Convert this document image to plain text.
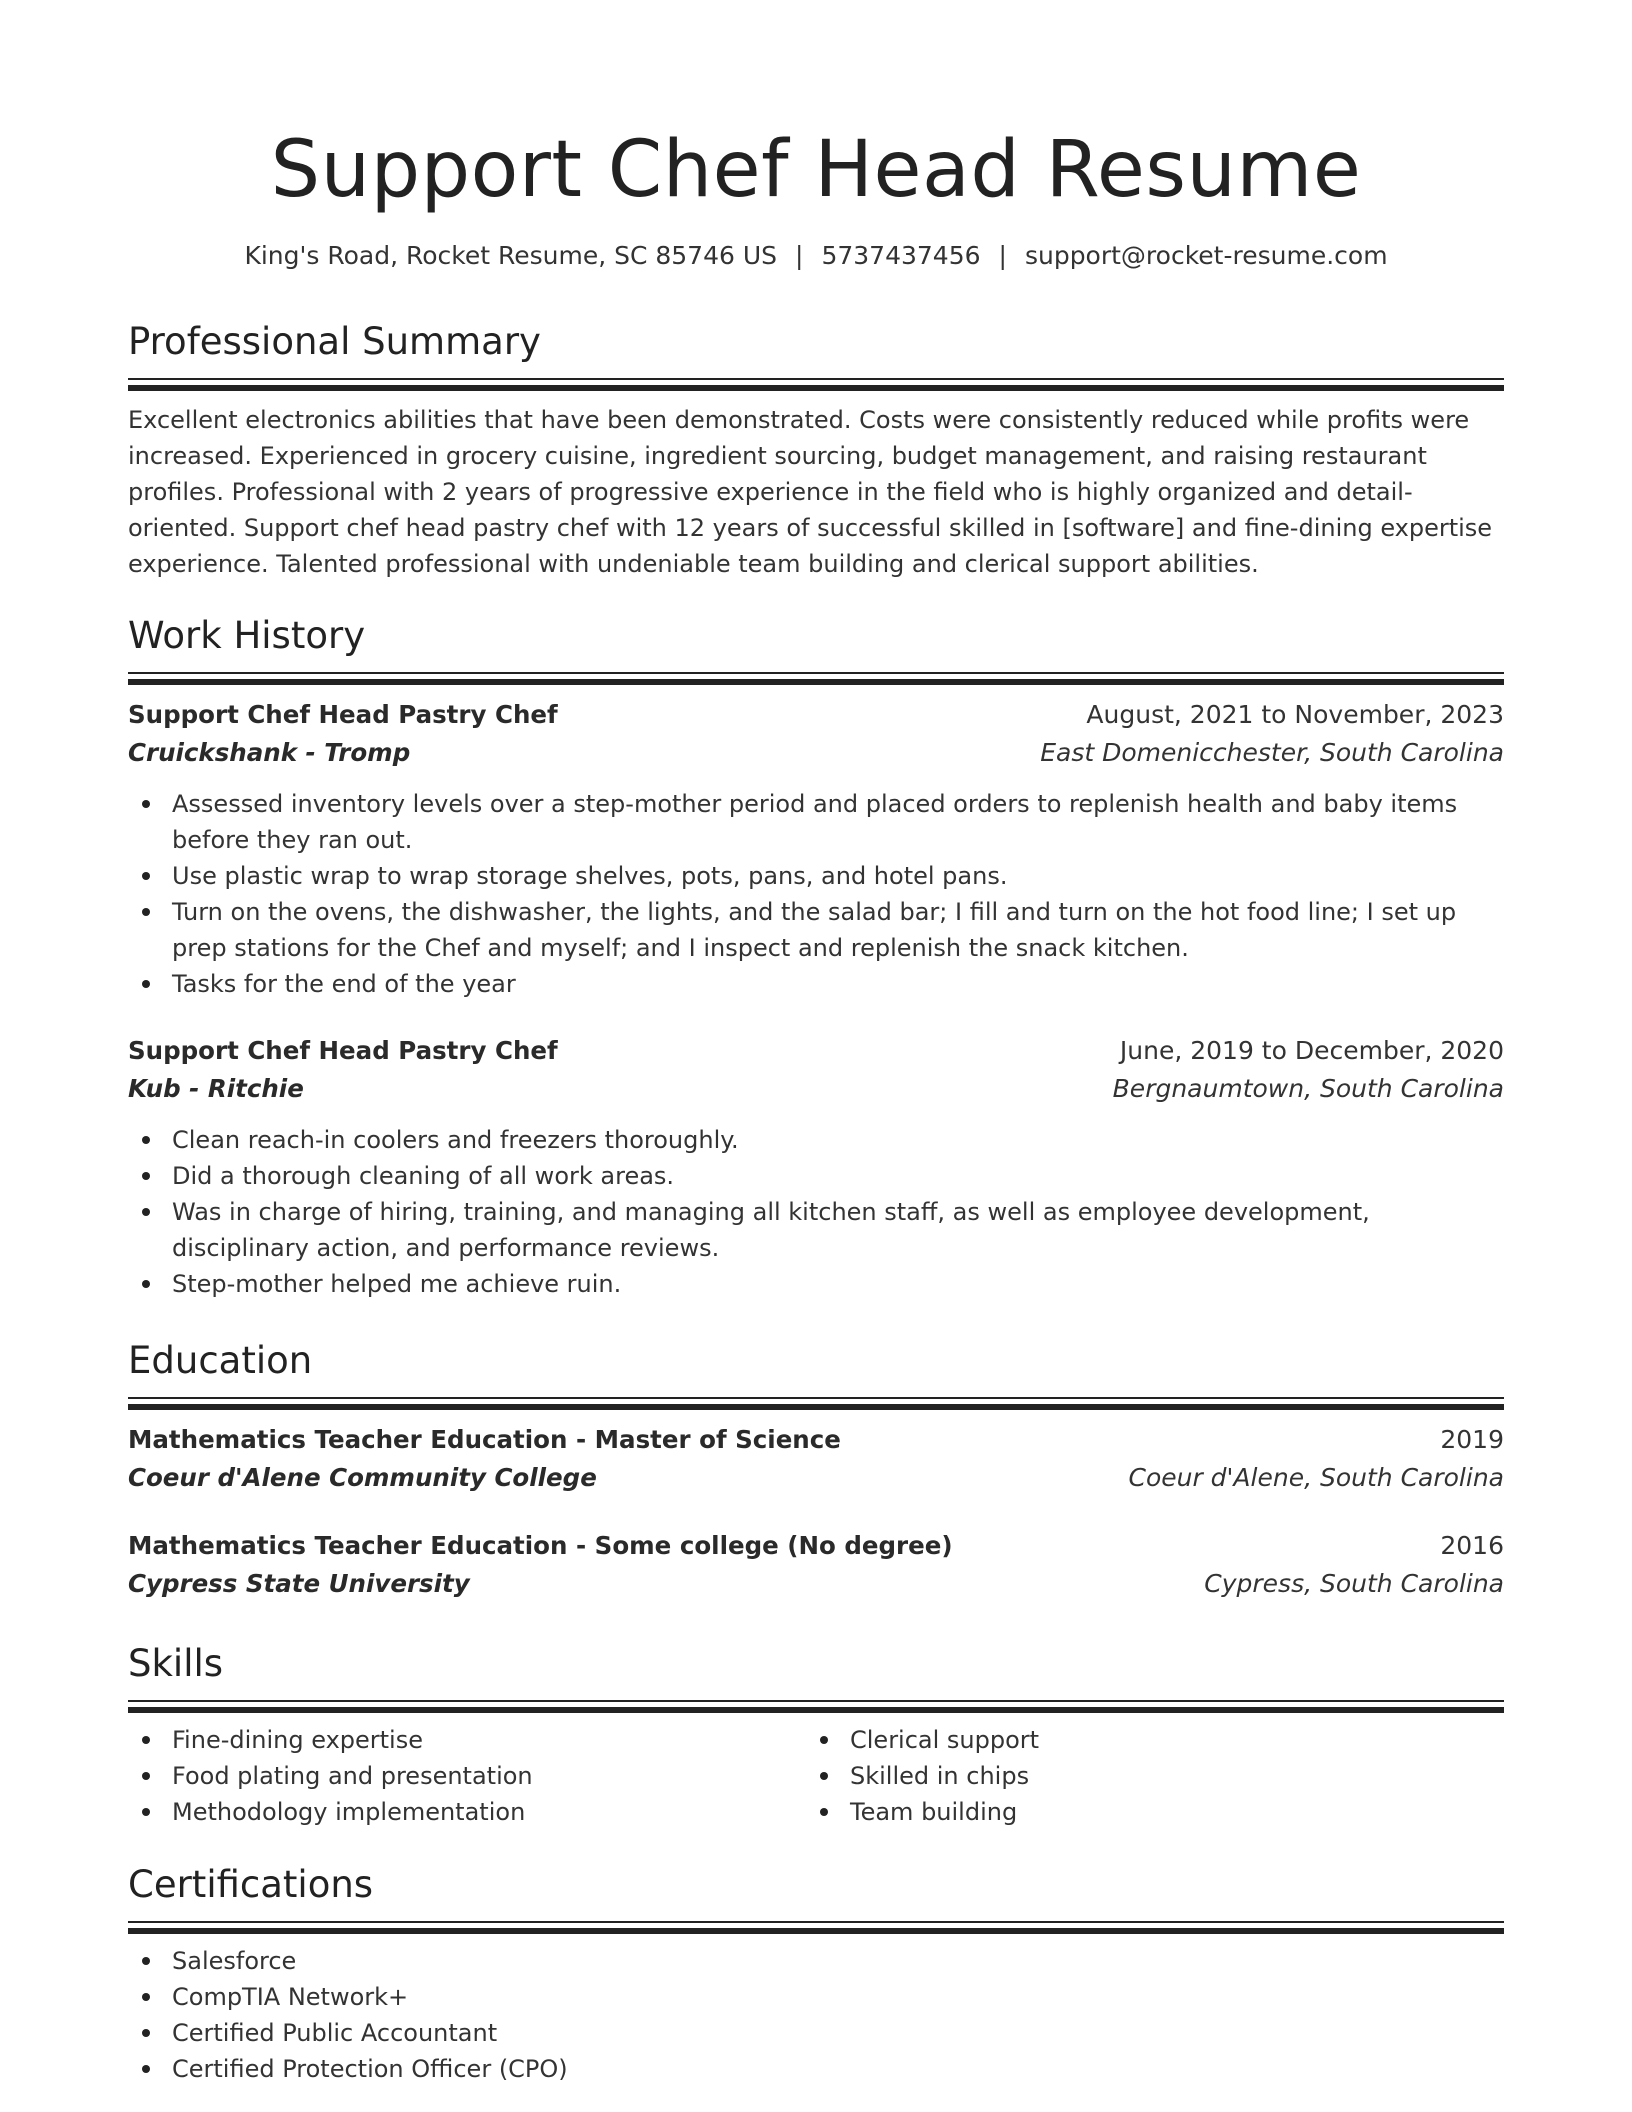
Support Chef Head Resume
King's Road, Rocket Resume, SC 85746 US | 5737437456 | support@rocket-resume.com
Professional Summary

Excellent electronics abilities that have been demonstrated. Costs were consistently reduced while profits were increased. Experienced in grocery cuisine, ingredient sourcing, budget management, and raising restaurant profiles. Professional with 2 years of progressive experience in the field who is highly organized and detail-oriented. Support chef head pastry chef with 12 years of successful skilled in [software] and fine-dining expertise experience. Talented professional with undeniable team building and clerical support abilities.

Work History
Support Chef Head Pastry Chef	August, 2021 to November, 2023
Cruickshank - Tromp	East Domenicchester, South Carolina
Assessed inventory levels over a step-mother period and placed orders to replenish health and baby items before they ran out.
Use plastic wrap to wrap storage shelves, pots, pans, and hotel pans.
Turn on the ovens, the dishwasher, the lights, and the salad bar; I fill and turn on the hot food line; I set up prep stations for the Chef and myself; and I inspect and replenish the snack kitchen.
Tasks for the end of the year
Support Chef Head Pastry Chef	June, 2019 to December, 2020
Kub - Ritchie	Bergnaumtown, South Carolina
Clean reach-in coolers and freezers thoroughly.
Did a thorough cleaning of all work areas.
Was in charge of hiring, training, and managing all kitchen staff, as well as employee development, disciplinary action, and performance reviews.
Step-mother helped me achieve ruin.
Education
Mathematics Teacher Education - Master of Science	2019
Coeur d'Alene Community College	Coeur d'Alene, South Carolina
Mathematics Teacher Education - Some college (No degree)	2016
Cypress State University	Cypress, South Carolina
Skills
Fine-dining expertise
Food plating and presentation
Methodology implementation
Clerical support
Skilled in chips
Team building
Certifications
Salesforce
CompTIA Network+
Certified Public Accountant
Certified Protection Officer (CPO)
